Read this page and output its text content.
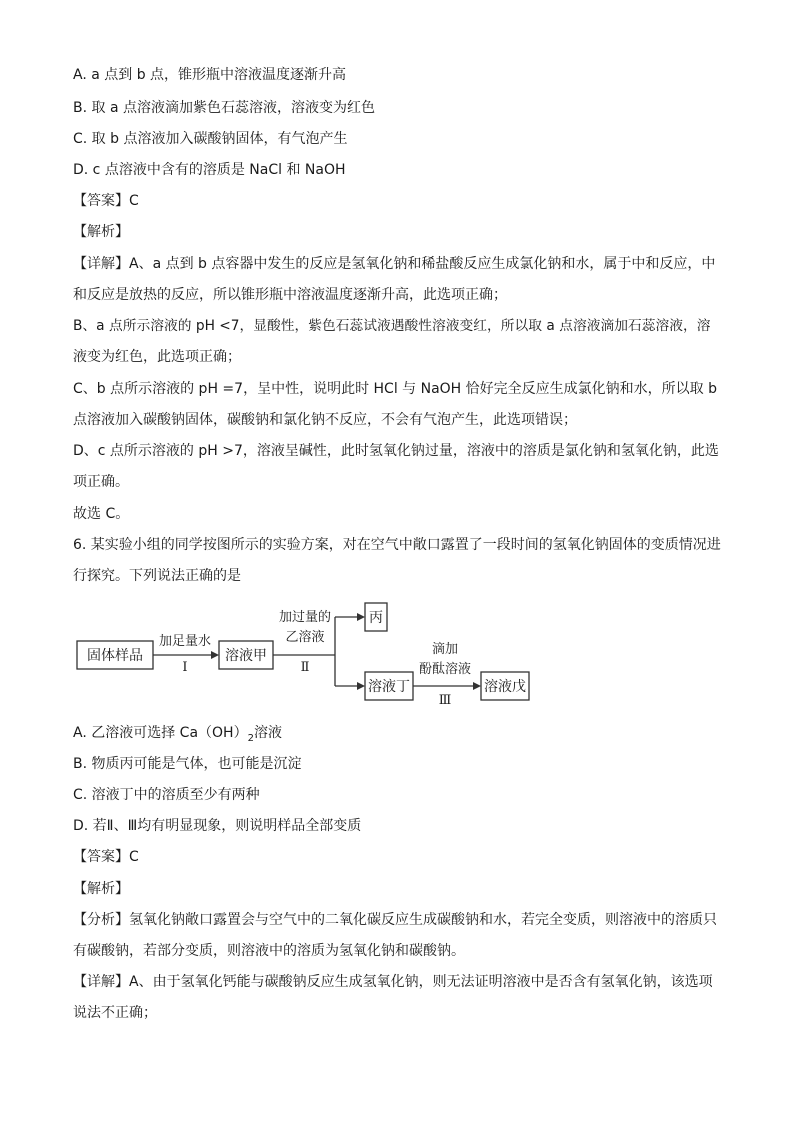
A. a 点到 b 点，锥形瓶中溶液温度逐渐升高
B. 取 a 点溶液滴加紫色石蕊溶液，溶液变为红色
C. 取 b 点溶液加入碳酸钠固体，有气泡产生
D. c 点溶液中含有的溶质是 NaCl 和 NaOH
【答案】C
【解析】
【详解】A、a 点到 b 点容器中发生的反应是氢氧化钠和稀盐酸反应生成氯化钠和水，属于中和反应，中
和反应是放热的反应，所以锥形瓶中溶液温度逐渐升高，此选项正确；
B、a 点所示溶液的 pH <7，显酸性，紫色石蕊试液遇酸性溶液变红，所以取 a 点溶液滴加石蕊溶液，溶
液变为红色，此选项正确；
C、b 点所示溶液的 pH =7，呈中性，说明此时 HCl 与 NaOH 恰好完全反应生成氯化钠和水，所以取 b
点溶液加入碳酸钠固体，碳酸钠和氯化钠不反应，不会有气泡产生，此选项错误；
D、c 点所示溶液的 pH >7，溶液呈碱性，此时氢氧化钠过量，溶液中的溶质是氯化钠和氢氧化钠，此选
项正确。
故选 C。
6. 某实验小组的同学按图所示的实验方案，对在空气中敞口露置了一段时间的氢氧化钠固体的变质情况进
行探究。下列说法正确的是
固体样品	溶液甲
丙
溶液丁	溶液戊
加足量水
Ⅰ
加过量的
乙溶液
Ⅱ
滴加
酚酞溶液
Ⅲ
A. 乙溶液可选择 $Ca(OH)_2$溶液
B. 物质丙可能是气体，也可能是沉淀
C. 溶液丁中的溶质至少有两种
D. 若Ⅱ、Ⅲ均有明显现象，则说明样品全部变质
【答案】C
【解析】
【分析】氢氧化钠敞口露置会与空气中的二氧化碳反应生成碳酸钠和水，若完全变质，则溶液中的溶质只
有碳酸钠，若部分变质，则溶液中的溶质为氢氧化钠和碳酸钠。
【详解】A、由于氢氧化钙能与碳酸钠反应生成氢氧化钠，则无法证明溶液中是否含有氢氧化钠，该选项
说法不正确；
